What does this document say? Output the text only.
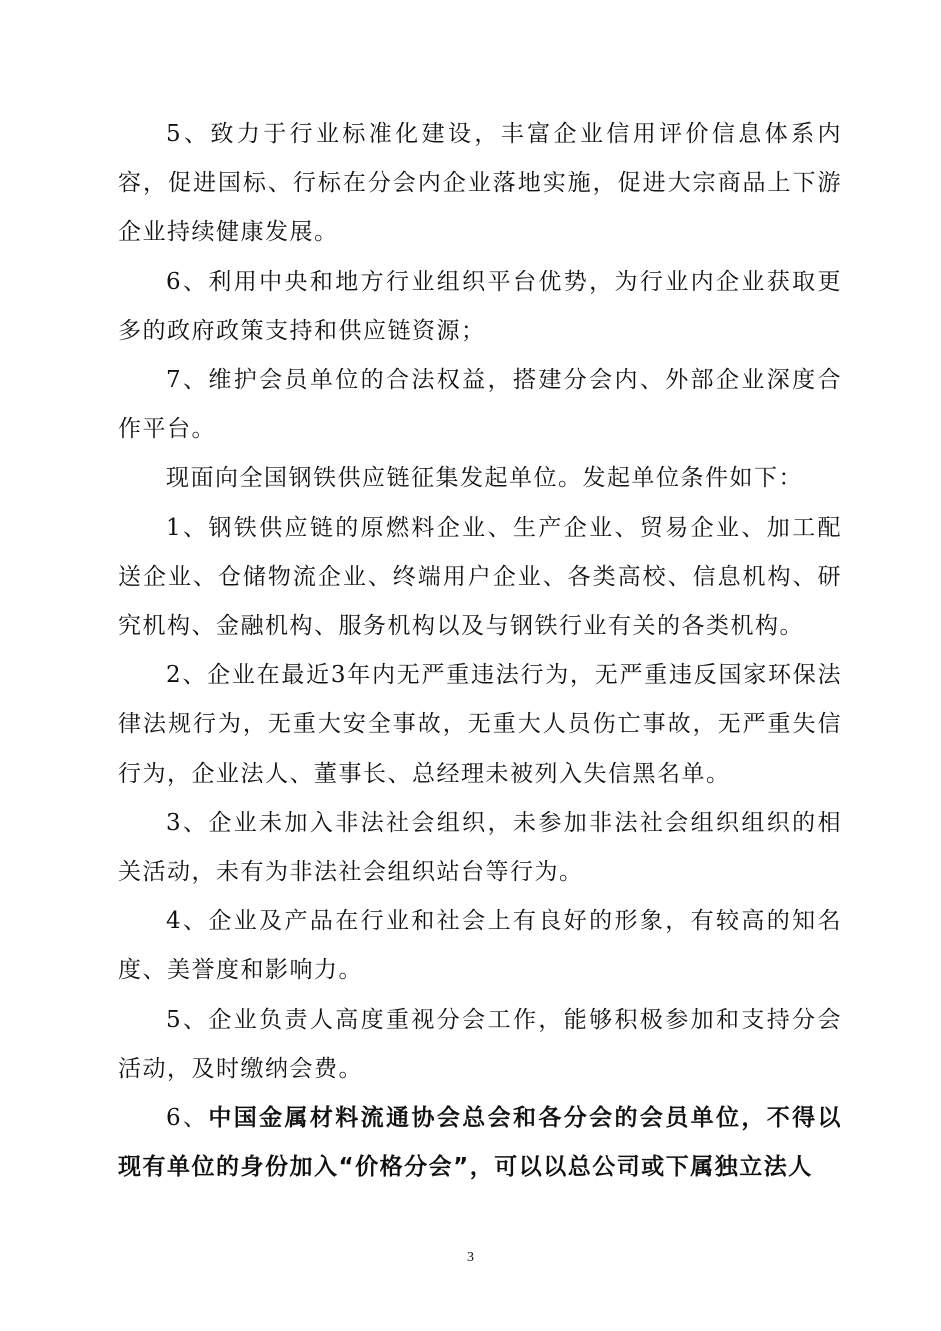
5、致力于行业标准化建设，丰富企业信用评价信息体系内容，促进国标、行标在分会内企业落地实施，促进大宗商品上下游企业持续健康发展。

6、利用中央和地方行业组织平台优势，为行业内企业获取更多的政府政策支持和供应链资源；

7、维护会员单位的合法权益，搭建分会内、外部企业深度合作平台。

现面向全国钢铁供应链征集发起单位。发起单位条件如下：

1、钢铁供应链的原燃料企业、生产企业、贸易企业、加工配送企业、仓储物流企业、终端用户企业、各类高校、信息机构、研究机构、金融机构、服务机构以及与钢铁行业有关的各类机构。

2、企业在最近3年内无严重违法行为，无严重违反国家环保法律法规行为，无重大安全事故，无重大人员伤亡事故，无严重失信行为，企业法人、董事长、总经理未被列入失信黑名单。

3、企业未加入非法社会组织，未参加非法社会组织组织的相关活动，未有为非法社会组织站台等行为。

4、企业及产品在行业和社会上有良好的形象，有较高的知名度、美誉度和影响力。

5、企业负责人高度重视分会工作，能够积极参加和支持分会活动，及时缴纳会费。

6、中国金属材料流通协会总会和各分会的会员单位，不得以现有单位的身份加入“价格分会”，可以以总公司或下属独立法人

3
